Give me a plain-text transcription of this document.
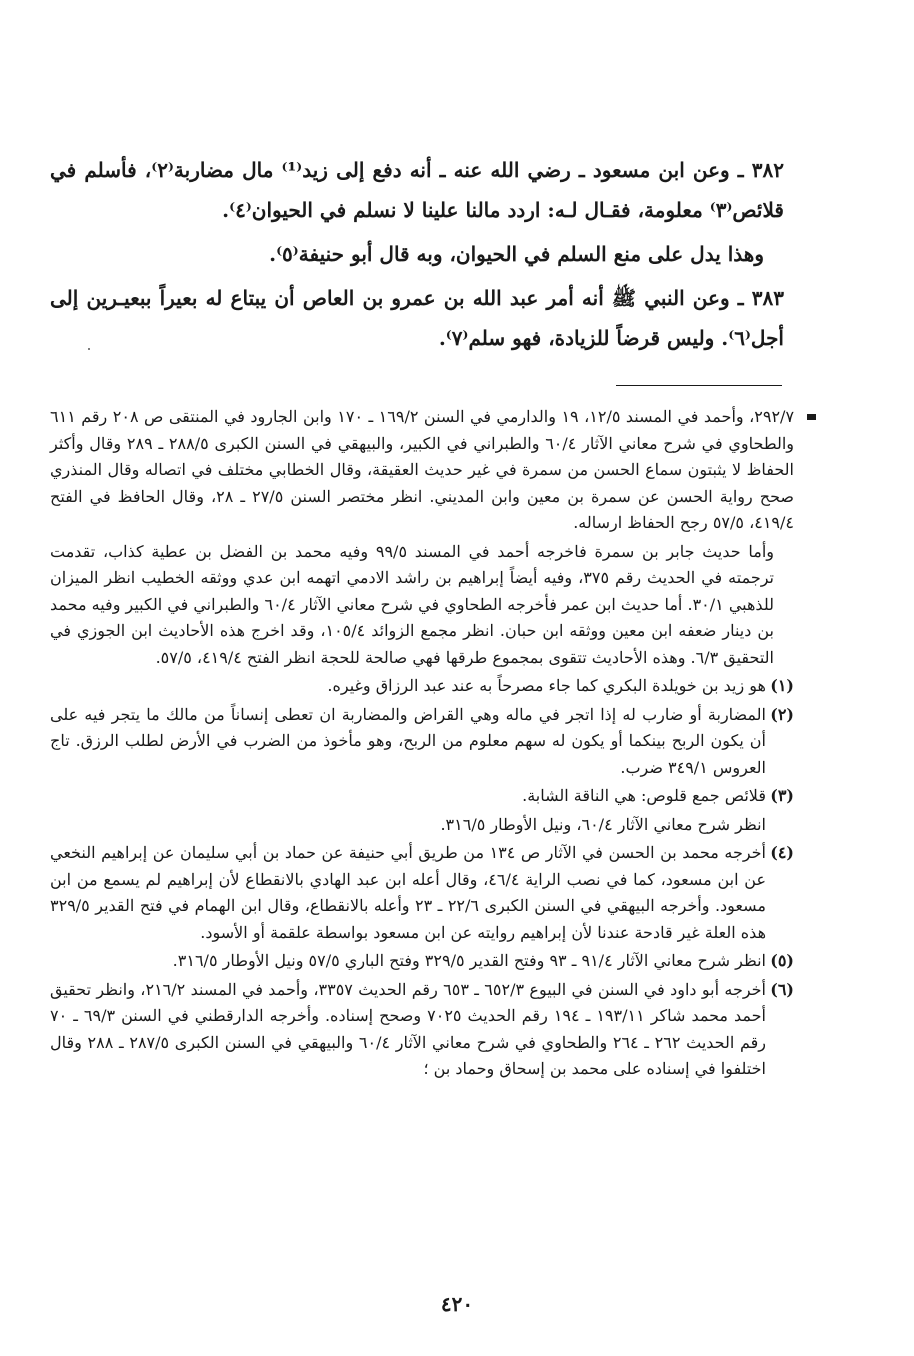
٣٨٢ ـ وعن ابن مسعود ـ رضي الله عنه ـ أنه دفع إلى زيد⁽¹⁾ مال مضاربة⁽٢⁾، فأسلم في قلائص⁽٣⁾ معلومة، فقـال لـه: اردد مالنا علينا لا نسلم في الحيوان⁽٤⁾.

وهذا يدل على منع السلم في الحيوان، وبه قال أبو حنيفة⁽٥⁾.

٣٨٣ ـ وعن النبي ﷺ أنه أمر عبد الله بن عمرو بن العاص أن يبتاع له بعيراً ببعيـرين إلى أجل⁽٦⁾. وليس قرضاً للزيادة، فهو سلم⁽٧⁾.

٢٩٢/٧، وأحمد في المسند ١٢/٥، ١٩ والدارمي في السنن ١٦٩/٢ ـ ١٧٠ وابن الجارود في المنتقى ص ٢٠٨ رقم ٦١١ والطحاوي في شرح معاني الآثار ٦٠/٤ والطبراني في الكبير، والبيهقي في السنن الكبرى ٢٨٨/٥ ـ ٢٨٩ وقال وأكثر الحفاظ لا يثبتون سماع الحسن من سمرة في غير حديث العقيقة، وقال الخطابي مختلف في اتصاله وقال المنذري صحح رواية الحسن عن سمرة بن معين وابن المديني. انظر مختصر السنن ٢٧/٥ ـ ٢٨، وقال الحافظ في الفتح ٤١٩/٤، ٥٧/٥ رجح الحفاظ ارساله.

وأما حديث جابر بن سمرة فاخرجه أحمد في المسند ٩٩/٥ وفيه محمد بن الفضل بن عطية كذاب، تقدمت ترجمته في الحديث رقم ٣٧٥، وفيه أيضاً إبراهيم بن راشد الادمي اتهمه ابن عدي ووثقه الخطيب انظر الميزان للذهبي ٣٠/١. أما حديث ابن عمر فأخرجه الطحاوي في شرح معاني الآثار ٦٠/٤ والطبراني في الكبير وفيه محمد بن دينار ضعفه ابن معين ووثقه ابن حبان. انظر مجمع الزوائد ١٠٥/٤، وقد اخرج هذه الأحاديث ابن الجوزي في التحقيق ٦/٣. وهذه الأحاديث تتقوى بمجموع طرقها فهي صالحة للحجة انظر الفتح ٤١٩/٤، ٥٧/٥.

(١)
هو زيد بن خويلدة البكري كما جاء مصرحاً به عند عبد الرزاق وغيره.
(٢)
المضاربة أو ضارب له إذا اتجر في ماله وهي القراض والمضاربة ان تعطى إنساناً من مالك ما يتجر فيه على أن يكون الربح بينكما أو يكون له سهم معلوم من الربح، وهو مأخوذ من الضرب في الأرض لطلب الرزق. تاج العروس ٣٤٩/١ ضرب.
(٣)
قلائص جمع قلوص: هي الناقة الشابة.
انظر شرح معاني الآثار ٦٠/٤، ونيل الأوطار ٣١٦/٥.
(٤)
أخرجه محمد بن الحسن في الآثار ص ١٣٤ من طريق أبي حنيفة عن حماد بن أبي سليمان عن إبراهيم النخعي عن ابن مسعود، كما في نصب الراية ٤٦/٤، وقال أعله ابن عبد الهادي بالانقطاع لأن إبراهيم لم يسمع من ابن مسعود. وأخرجه البيهقي في السنن الكبرى ٢٢/٦ ـ ٢٣ وأعله بالانقطاع، وقال ابن الهمام في فتح القدير ٣٢٩/٥ هذه العلة غير قادحة عندنا لأن إبراهيم روايته عن ابن مسعود بواسطة علقمة أو الأسود.
(٥)
انظر شرح معاني الآثار ٩١/٤ ـ ٩٣ وفتح القدير ٣٢٩/٥ وفتح الباري ٥٧/٥ ونيل الأوطار ٣١٦/٥.
(٦)
أخرجه أبو داود في السنن في البيوع ٦٥٢/٣ ـ ٦٥٣ رقم الحديث ٣٣٥٧، وأحمد في المسند ٢١٦/٢، وانظر تحقيق أحمد محمد شاكر ١٩٣/١١ ـ ١٩٤ رقم الحديث ٧٠٢٥ وصحح إسناده. وأخرجه الدارقطني في السنن ٦٩/٣ ـ ٧٠ رقم الحديث ٢٦٢ ـ ٢٦٤ والطحاوي في شرح معاني الآثار ٦٠/٤ والبيهقي في السنن الكبرى ٢٨٧/٥ ـ ٢٨٨ وقال اختلفوا في إسناده على محمد بن إسحاق وحماد بن ؛
٤٢٠
